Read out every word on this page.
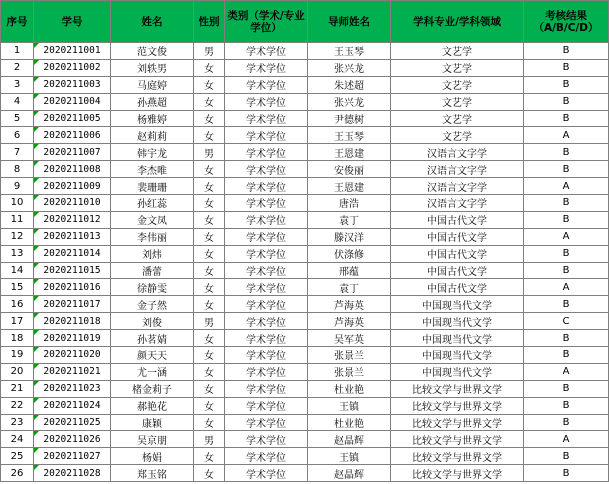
序号	学号	姓名	性别	类别（学术/专业学位）	导师姓名	学科专业/学科领域	考核结果（A/B/C/D）
1	2020211001	范文俊	男	学术学位	王玉琴	文艺学	B
2	2020211002	刘轶男	女	学术学位	张兴龙	文艺学	B
3	2020211003	马庭婷	女	学术学位	朱述超	文艺学	B
4	2020211004	孙燕超	女	学术学位	张兴龙	文艺学	B
5	2020211005	杨雅婷	女	学术学位	尹德树	文艺学	B
6	2020211006	赵莉莉	女	学术学位	王玉琴	文艺学	A
7	2020211007	韩宇龙	男	学术学位	王恩建	汉语言文字学	B
8	2020211008	李杰唯	女	学术学位	安俊丽	汉语言文字学	B
9	2020211009	裴珊珊	女	学术学位	王恩建	汉语言文字学	A
10	2020211010	孙红蕊	女	学术学位	唐浩	汉语言文字学	B
11	2020211012	金文凤	女	学术学位	袁丁	中国古代文学	B
12	2020211013	李伟丽	女	学术学位	滕汉洋	中国古代文学	A
13	2020211014	刘炜	女	学术学位	伏涤修	中国古代文学	B
14	2020211015	潘蕾	女	学术学位	邢蕴	中国古代文学	B
15	2020211016	徐静雯	女	学术学位	袁丁	中国古代文学	A
16	2020211017	金子然	女	学术学位	芦海英	中国现当代文学	B
17	2020211018	刘俊	男	学术学位	芦海英	中国现当代文学	C
18	2020211019	孙茗婧	女	学术学位	吴军英	中国现当代文学	B
19	2020211020	颜天天	女	学术学位	张景兰	中国现当代文学	B
20	2020211021	尤一涵	女	学术学位	张景兰	中国现当代文学	A
21	2020211023	楮金莉子	女	学术学位	杜业艳	比较文学与世界文学	B
22	2020211024	郝艳花	女	学术学位	王镇	比较文学与世界文学	B
23	2020211025	康颖	女	学术学位	杜业艳	比较文学与世界文学	B
24	2020211026	吴京朋	男	学术学位	赵晶辉	比较文学与世界文学	A
25	2020211027	杨娟	女	学术学位	王镇	比较文学与世界文学	B
26	2020211028	郑玉铭	女	学术学位	赵晶辉	比较文学与世界文学	B
